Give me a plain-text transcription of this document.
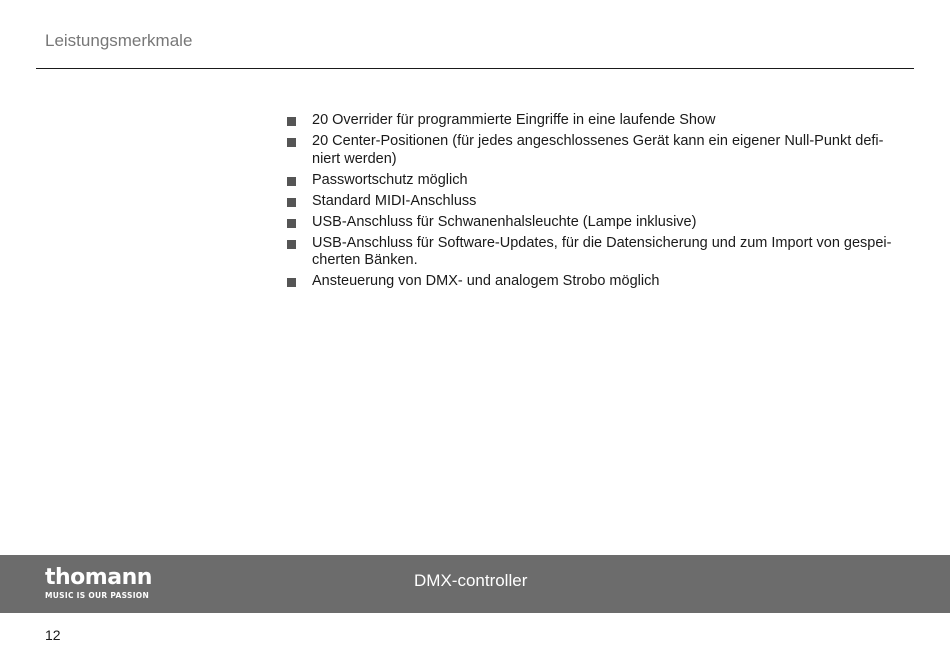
Leistungsmerkmale
20 Overrider für programmierte Eingriffe in eine laufende Show
20 Center-Positionen (für jedes angeschlossenes Gerät kann ein eigener Null-Punkt defi-niert werden)
Passwortschutz möglich
Standard MIDI-Anschluss
USB-Anschluss für Schwanenhalsleuchte (Lampe inklusive)
USB-Anschluss für Software-Updates, für die Datensicherung und zum Import von gespei-cherten Bänken.
Ansteuerung von DMX- und analogem Strobo möglich
thomann
MUSIC IS OUR PASSION
DMX-controller
12
